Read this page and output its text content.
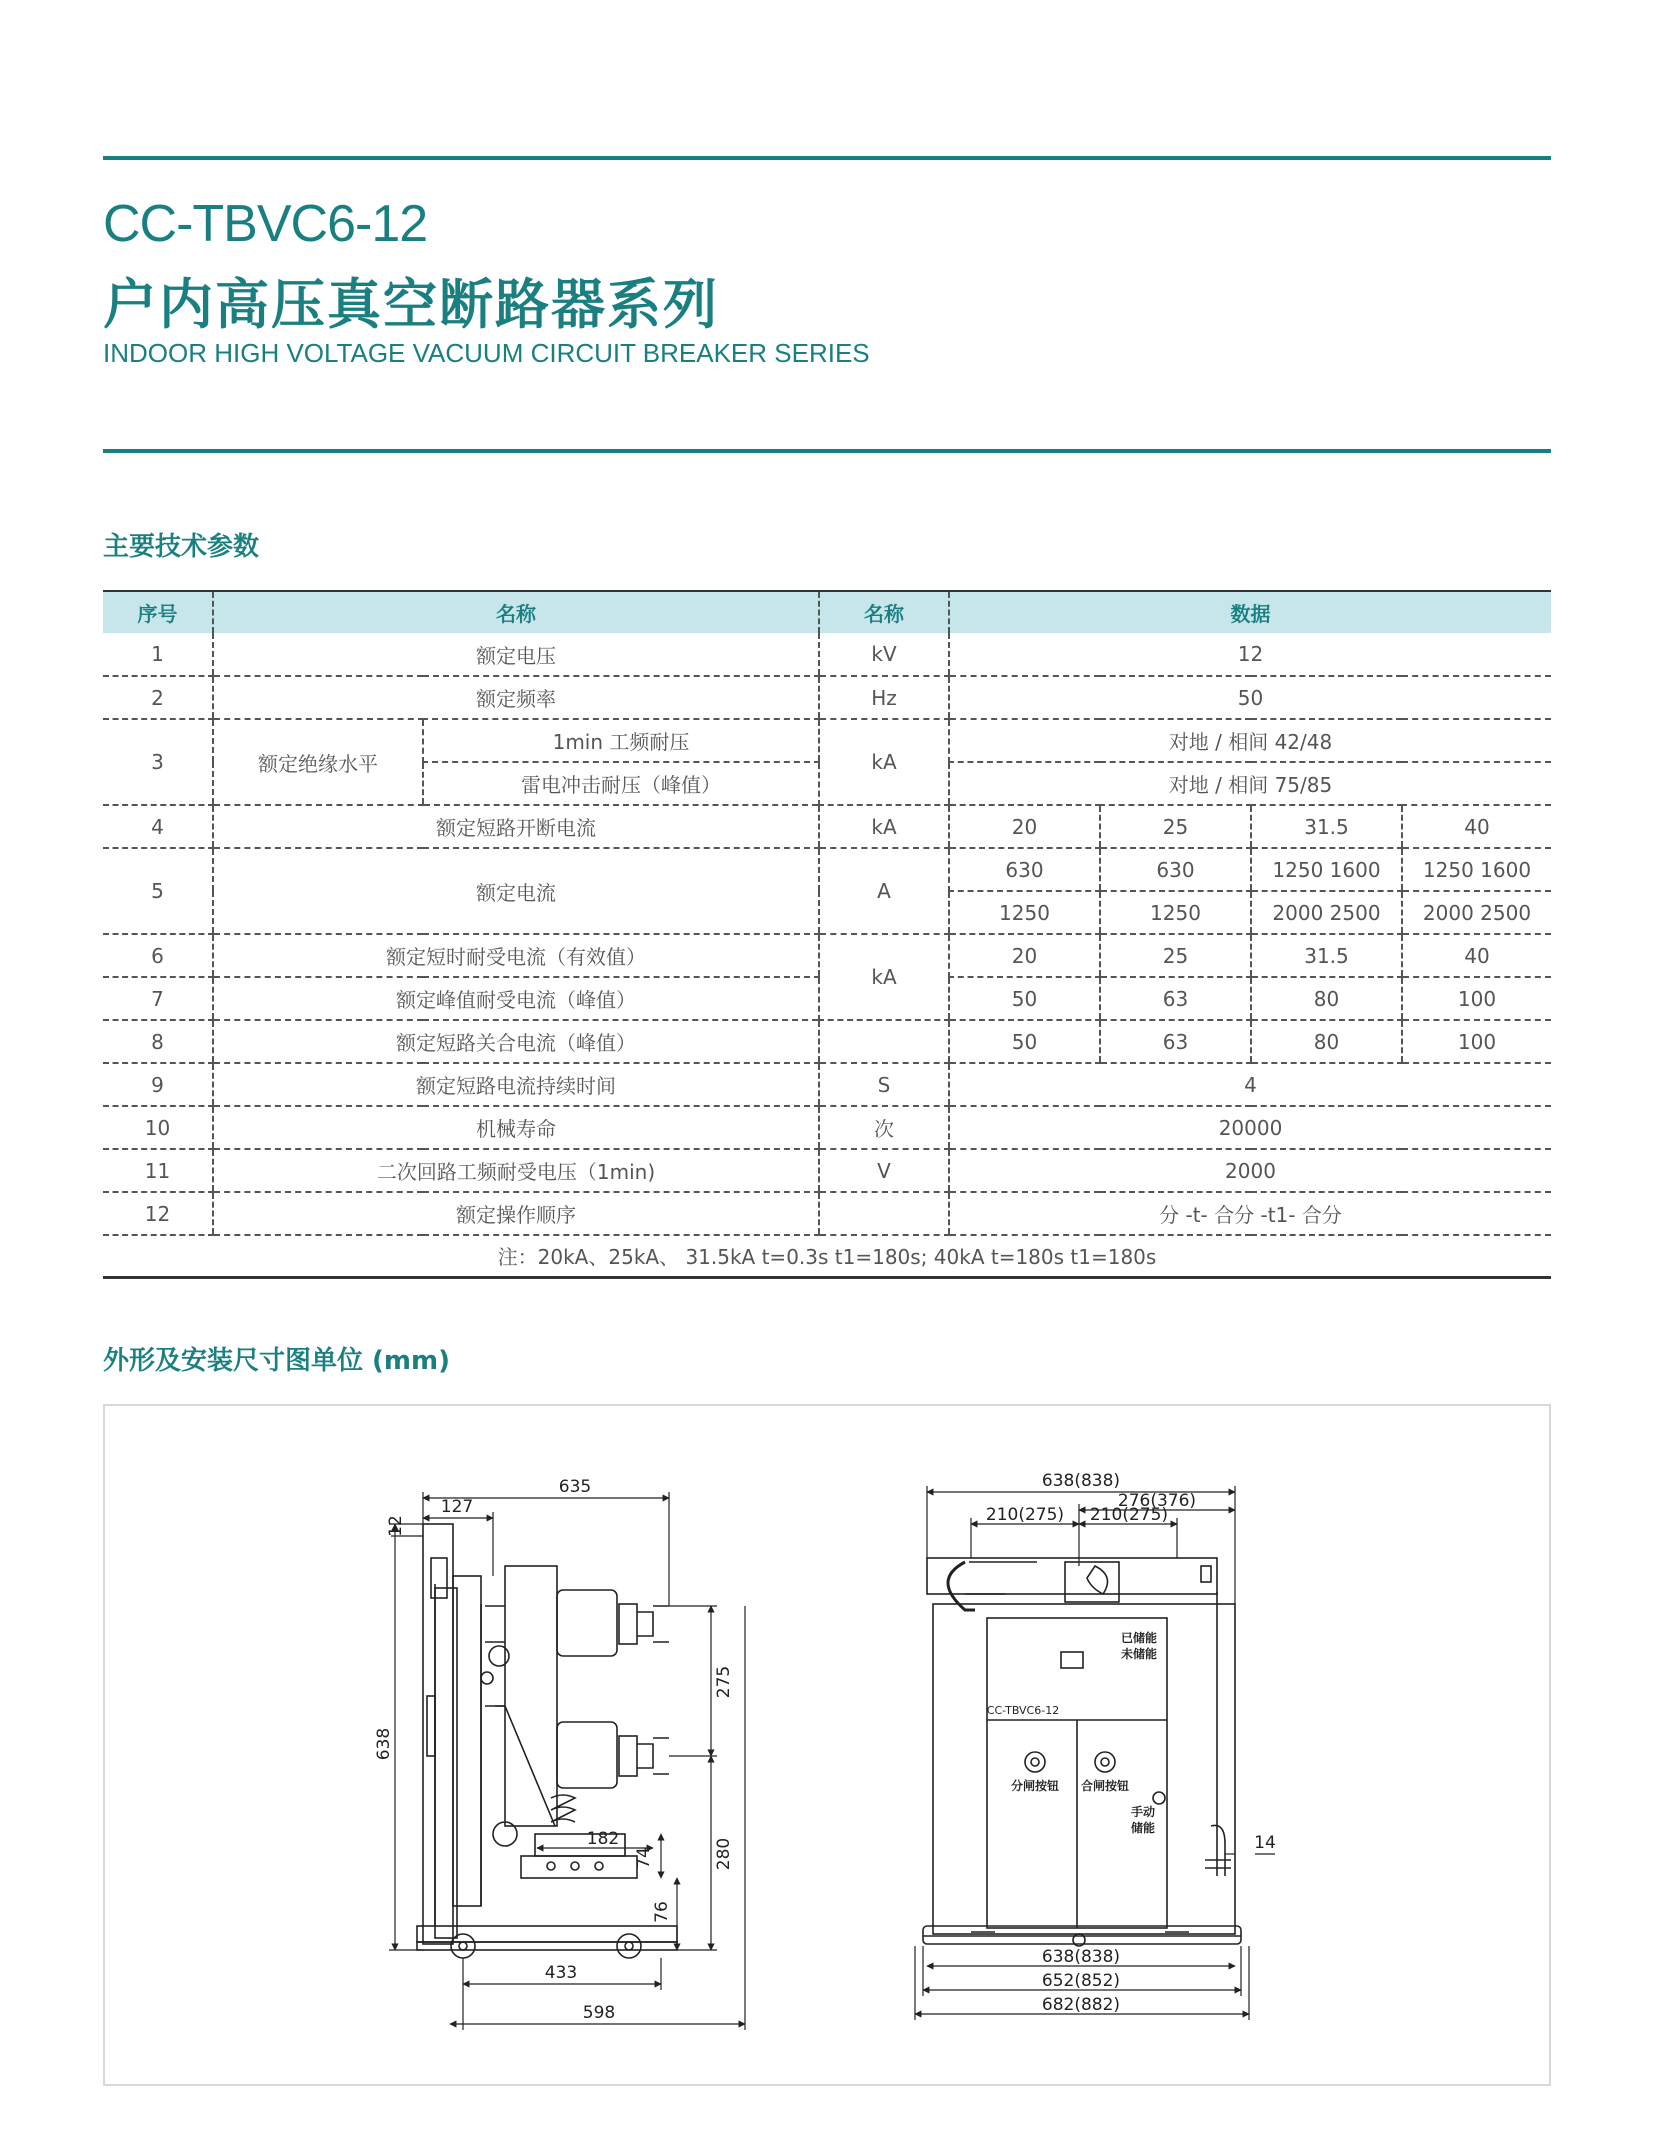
CC-TBVC6-12
户内高压真空断路器系列
INDOOR HIGH VOLTAGE VACUUM CIRCUIT BREAKER SERIES
主要技术参数
序号	名称		名称	数据			
1	额定电压		kV	12			
2	额定频率		Hz	50			
3	额定绝缘水平	1min 工频耐压	kA	对地 / 相间 42/48			
		雷电冲击耐压（峰值）		对地 / 相间 75/85			
4	额定短路开断电流		kA	20	25	31.5	40
5	额定电流		A	630	630	1250 1600	1250 1600
				1250	1250	2000 2500	2000 2500
6	额定短时耐受电流（有效值）		kA	20	25	31.5	40
7	额定峰值耐受电流（峰值）			50	63	80	100
8	额定短路关合电流（峰值）			50	63	80	100
9	额定短路电流持续时间		S	4			
10	机械寿命		次	20000			
11	二次回路工频耐受电压（1min)		V	2000			
12	额定操作顺序			分 -t- 合分 -t1- 合分			
注：20kA、25kA、 31.5kA t=0.3s t1=180s; 40kA t=180s t1=180s							
外形及安装尺寸图单位 (mm)
635
127
12
638
275
280
182
74
76
433
598
638(838)
276(376)
210(275) 210(275)
已储能
未储能
CC-TBVC6-12
分闸按钮 合闸按钮
手动
储能
14
638(838)
652(852)
682(882)
